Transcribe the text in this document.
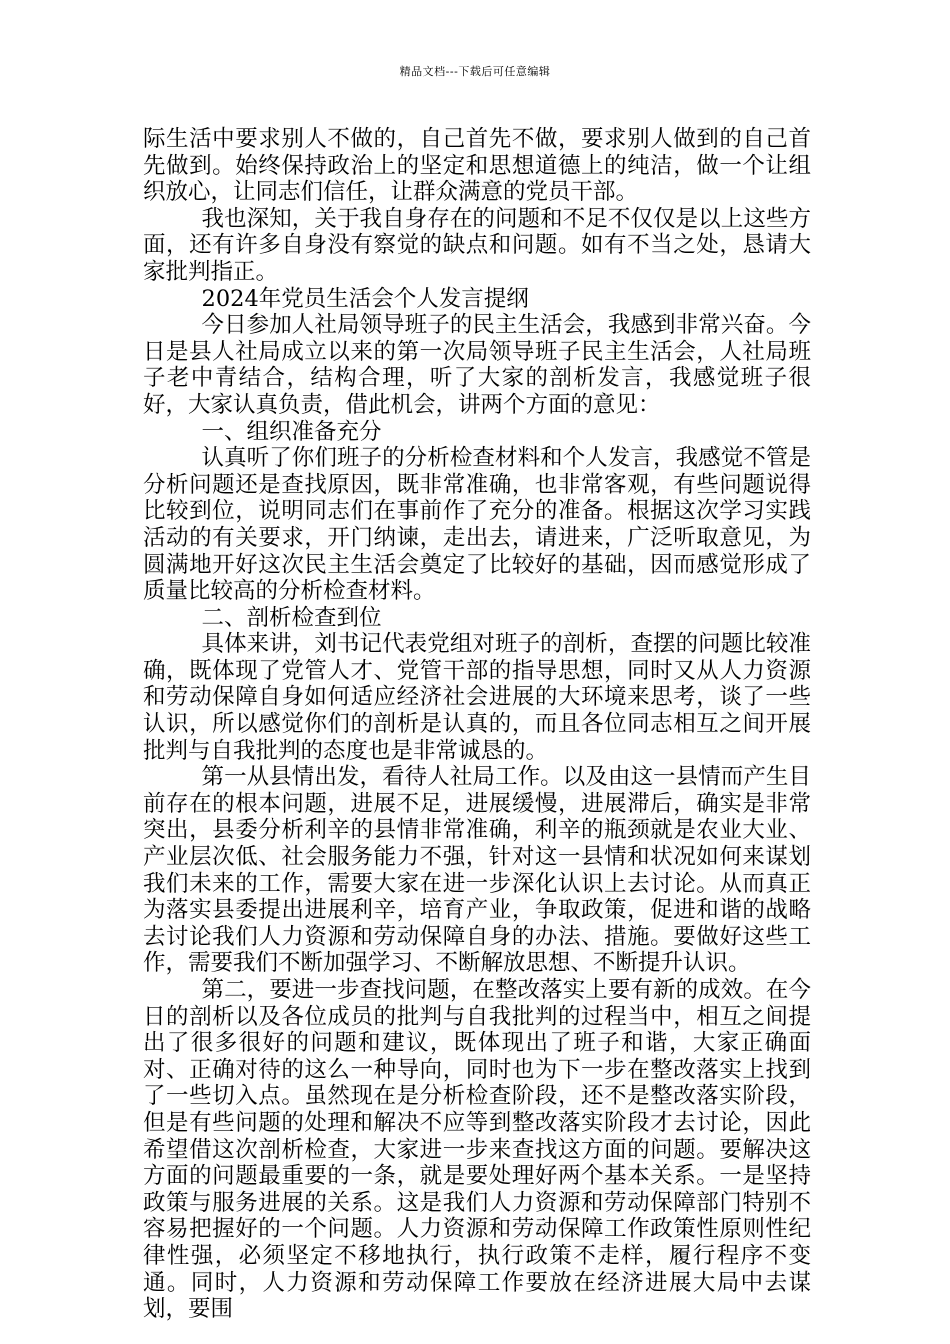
精品文档---下载后可任意编辑

际生活中要求别人不做的，自己首先不做，要求别人做到的自己首先做到。始终保持政治上的坚定和思想道德上的纯洁，做一个让组织放心，让同志们信任，让群众满意的党员干部。

我也深知，关于我自身存在的问题和不足不仅仅是以上这些方面，还有许多自身没有察觉的缺点和问题。如有不当之处，恳请大家批判指正。

2024年党员生活会个人发言提纲

今日参加人社局领导班子的民主生活会，我感到非常兴奋。今日是县人社局成立以来的第一次局领导班子民主生活会，人社局班子老中青结合，结构合理，听了大家的剖析发言，我感觉班子很好，大家认真负责，借此机会，讲两个方面的意见：

一、组织准备充分

认真听了你们班子的分析检查材料和个人发言，我感觉不管是分析问题还是查找原因，既非常准确，也非常客观，有些问题说得比较到位，说明同志们在事前作了充分的准备。根据这次学习实践活动的有关要求，开门纳谏，走出去，请进来，广泛听取意见，为圆满地开好这次民主生活会奠定了比较好的基础，因而感觉形成了质量比较高的分析检查材料。

二、剖析检查到位

具体来讲，刘书记代表党组对班子的剖析，查摆的问题比较准确，既体现了党管人才、党管干部的指导思想，同时又从人力资源和劳动保障自身如何适应经济社会进展的大环境来思考，谈了一些认识，所以感觉你们的剖析是认真的，而且各位同志相互之间开展批判与自我批判的态度也是非常诚恳的。

第一从县情出发，看待人社局工作。以及由这一县情而产生目前存在的根本问题，进展不足，进展缓慢，进展滞后，确实是非常突出，县委分析利辛的县情非常准确，利辛的瓶颈就是农业大业、产业层次低、社会服务能力不强，针对这一县情和状况如何来谋划我们未来的工作，需要大家在进一步深化认识上去讨论。从而真正为落实县委提出进展利辛，培育产业，争取政策，促进和谐的战略去讨论我们人力资源和劳动保障自身的办法、措施。要做好这些工作，需要我们不断加强学习、不断解放思想、不断提升认识。

第二，要进一步查找问题，在整改落实上要有新的成效。在今日的剖析以及各位成员的批判与自我批判的过程当中，相互之间提出了很多很好的问题和建议，既体现出了班子和谐，大家正确面对、正确对待的这么一种导向，同时也为下一步在整改落实上找到了一些切入点。虽然现在是分析检查阶段，还不是整改落实阶段，但是有些问题的处理和解决不应等到整改落实阶段才去讨论，因此希望借这次剖析检查，大家进一步来查找这方面的问题。要解决这方面的问题最重要的一条，就是要处理好两个基本关系。一是坚持政策与服务进展的关系。这是我们人力资源和劳动保障部门特别不容易把握好的一个问题。人力资源和劳动保障工作政策性原则性纪律性强，必须坚定不移地执行，执行政策不走样，履行程序不变通。同时，人力资源和劳动保障工作要放在经济进展大局中去谋划，要围
